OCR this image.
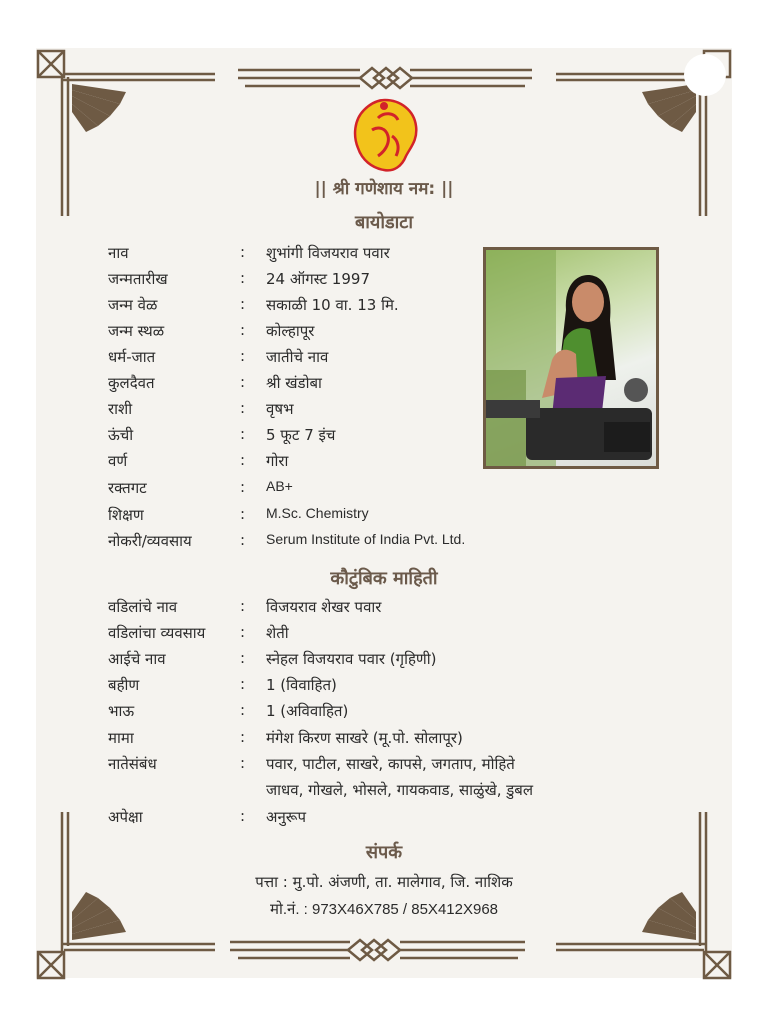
|| श्री गणेशाय नम: ||
बायोडाटा
नाव	: शुभांगी विजयराव पवार
जन्मतारीख	: 24 ऑगस्ट 1997
जन्म वेळ	: सकाळी 10 वा. 13 मि.
जन्म स्थळ	: कोल्हापूर
धर्म-जात	: जातीचे नाव
कुलदैवत	: श्री खंडोबा
राशी	: वृषभ
ऊंची	: 5 फूट 7 इंच
वर्ण	: गोरा
रक्तगट	: AB+
शिक्षण	: M.Sc. Chemistry
नोकरी/व्यवसाय	: Serum Institute of India Pvt. Ltd.
कौटुंबिक माहिती
वडिलांचे नाव	: विजयराव शेखर पवार
वडिलांचा व्यवसाय : शेती
आईचे नाव	: स्नेहल विजयराव पवार (गृहिणी)
बहीण	: 1 (विवाहित)
भाऊ	: 1 (अविवाहित)
मामा	: मंगेश किरण साखरे (मू.पो. सोलापूर)
नातेसंबंध	: पवार, पाटील, साखरे, कापसे, जगताप, मोहिते
जाधव, गोखले, भोसले, गायकवाड, साळुंखे, डुबल
अपेक्षा	: अनुरूप
संपर्क
पत्ता : मु.पो. अंजणी, ता. मालेगाव, जि. नाशिक
मो.नं. : 973X46X785 / 85X412X968
